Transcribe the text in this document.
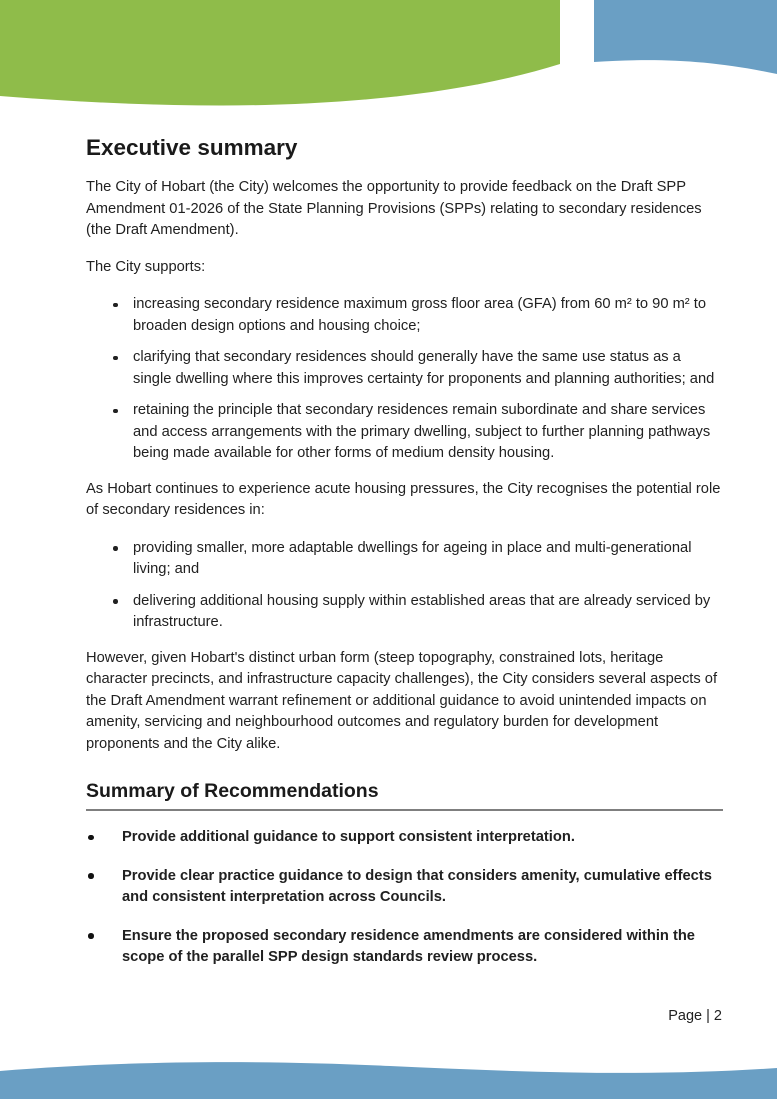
Executive summary

The City of Hobart (the City) welcomes the opportunity to provide feedback on the Draft SPP Amendment 01-2026 of the State Planning Provisions (SPPs) relating to secondary residences (the Draft Amendment).

The City supports:

increasing secondary residence maximum gross floor area (GFA) from 60 m² to 90 m² to broaden design options and housing choice;
clarifying that secondary residences should generally have the same use status as a single dwelling where this improves certainty for proponents and planning authorities; and
retaining the principle that secondary residences remain subordinate and share services and access arrangements with the primary dwelling, subject to further planning pathways being made available for other forms of medium density housing.

As Hobart continues to experience acute housing pressures, the City recognises the potential role of secondary residences in:

providing smaller, more adaptable dwellings for ageing in place and multi-generational living; and
delivering additional housing supply within established areas that are already serviced by infrastructure.

However, given Hobart's distinct urban form (steep topography, constrained lots, heritage character precincts, and infrastructure capacity challenges), the City considers several aspects of the Draft Amendment warrant refinement or additional guidance to avoid unintended impacts on amenity, servicing and neighbourhood outcomes and regulatory burden for development proponents and the City alike.

Summary of Recommendations
Provide additional guidance to support consistent interpretation.
Provide clear practice guidance to design that considers amenity, cumulative effects and consistent interpretation across Councils.
Ensure the proposed secondary residence amendments are considered within the scope of the parallel SPP design standards review process.
Page | 2
